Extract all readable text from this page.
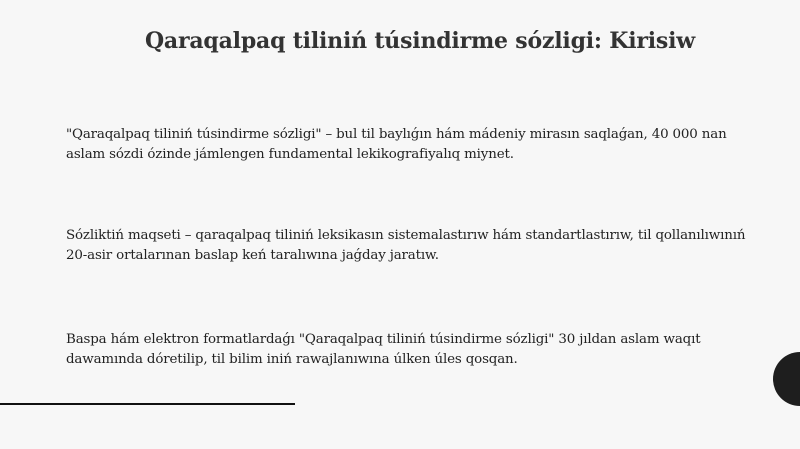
Qaraqalpaq tiliniń túsindirme sózligi: Kirisiw
"Qaraqalpaq tiliniń túsindirme sózligi" – bul til baylıǵın hám mádeniy mirasın saqlaǵan, 40 000 nan aslam sózdi ózinde jámlengen fundamental lekikografiyalıq miynet.
Sózliktiń maqseti – qaraqalpaq tiliniń leksikasın sistemalastırıw hám standartlastırıw, til qollanılıwınıń 20-asir ortalarınan baslap keń taralıwına jaǵday jaratıw.
Baspa hám elektron formatlardaǵı "Qaraqalpaq tiliniń túsindirme sózligi" 30 jıldan aslam waqıt dawamında dóretilip, til bilim iniń rawajlanıwına úlken úles qosqan.
